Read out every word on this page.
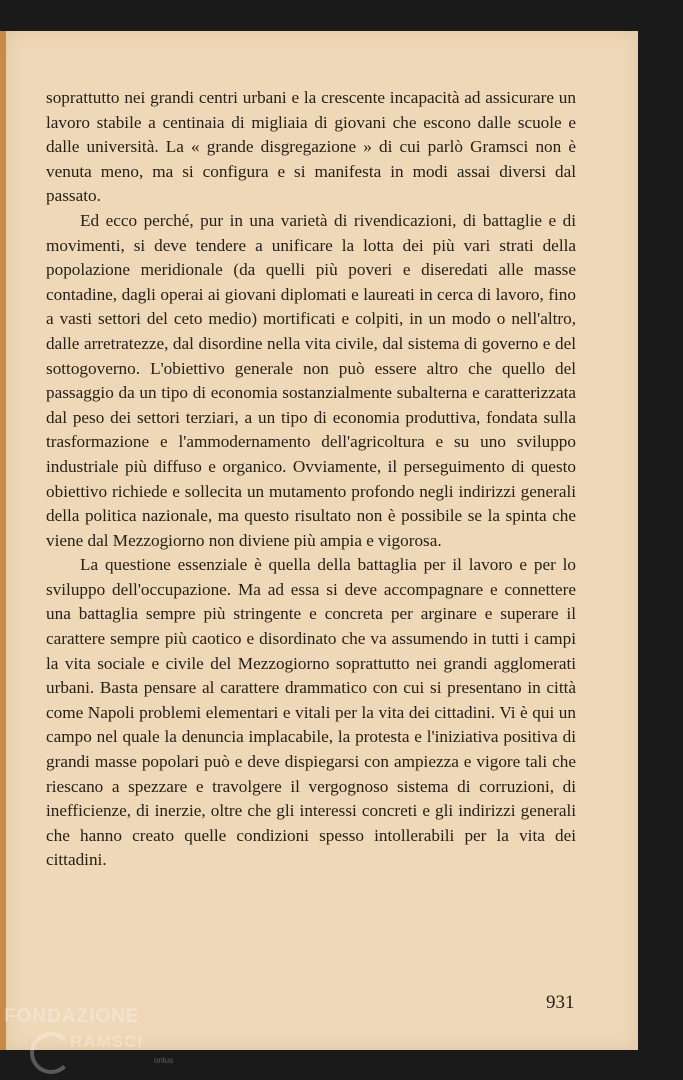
soprattutto nei grandi centri urbani e la crescente incapacità ad assicurare un lavoro stabile a centinaia di migliaia di giovani che escono dalle scuole e dalle università. La « grande disgregazione » di cui parlò Gramsci non è venuta meno, ma si configura e si manifesta in modi assai diversi dal passato.

Ed ecco perché, pur in una varietà di rivendicazioni, di battaglie e di movimenti, si deve tendere a unificare la lotta dei più vari strati della popolazione meridionale (da quelli più poveri e diseredati alle masse contadine, dagli operai ai giovani diplomati e laureati in cerca di lavoro, fino a vasti settori del ceto medio) mortificati e colpiti, in un modo o nell'altro, dalle arretratezze, dal disordine nella vita civile, dal sistema di governo e del sottogoverno. L'obiettivo generale non può essere altro che quello del passaggio da un tipo di economia sostanzialmente subalterna e caratterizzata dal peso dei settori terziari, a un tipo di economia produttiva, fondata sulla trasformazione e l'ammodernamento dell'agricoltura e su uno sviluppo industriale più diffuso e organico. Ovviamente, il perseguimento di questo obiettivo richiede e sollecita un mutamento profondo negli indirizzi generali della politica nazionale, ma questo risultato non è possibile se la spinta che viene dal Mezzogiorno non diviene più ampia e vigorosa.

La questione essenziale è quella della battaglia per il lavoro e per lo sviluppo dell'occupazione. Ma ad essa si deve accompagnare e connettere una battaglia sempre più stringente e concreta per arginare e superare il carattere sempre più caotico e disordinato che va assumendo in tutti i campi la vita sociale e civile del Mezzogiorno soprattutto nei grandi agglomerati urbani. Basta pensare al carattere drammatico con cui si presentano in città come Napoli problemi elementari e vitali per la vita dei cittadini. Vi è qui un campo nel quale la denuncia implacabile, la protesta e l'iniziativa positiva di grandi masse popolari può e deve dispiegarsi con ampiezza e vigore tali che riescano a spezzare e travolgere il vergognoso sistema di corruzioni, di inefficienze, di inerzie, oltre che gli interessi concreti e gli indirizzi generali che hanno creato quelle condizioni spesso intollerabili per la vita dei cittadini.

931
FONDAZIONE
RAMSCI
onlus
